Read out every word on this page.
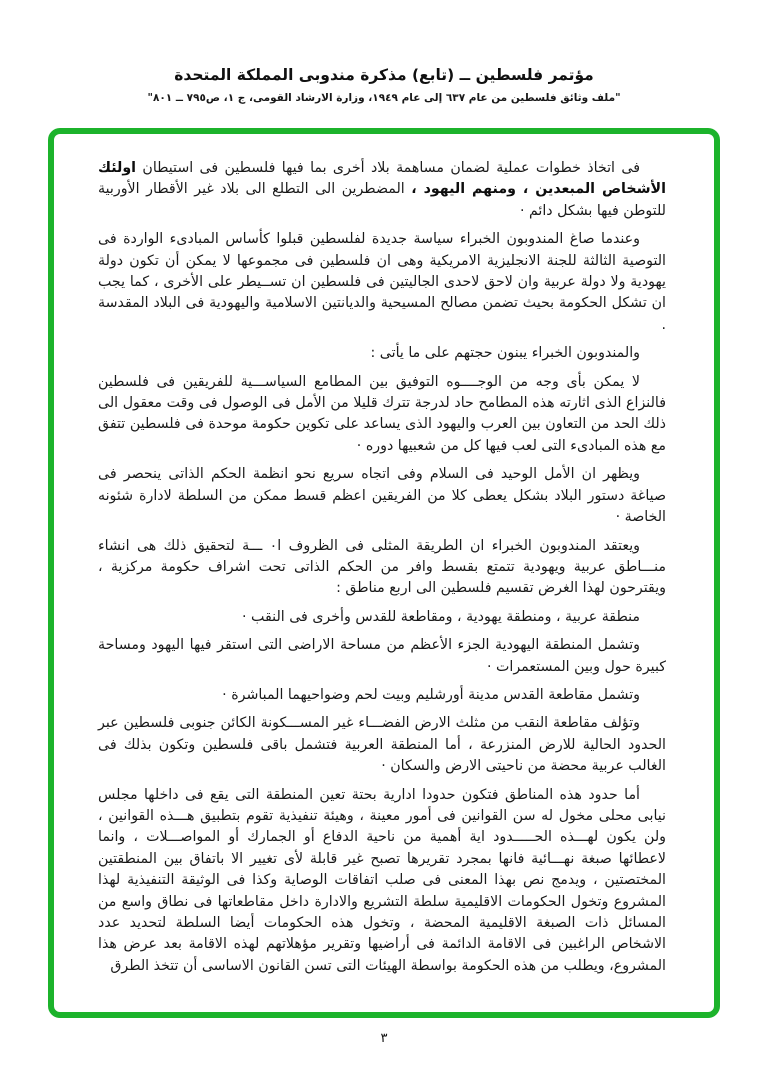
مؤتمر فلسطين ــ (تابع) مذكرة مندوبى المملكة المتحدة
"ملف وثائق فلسطين من عام ٦٣٧ إلى عام ١٩٤٩، وزارة الارشاد القومى، ج ١، ص٧٩٥ ــ ٨٠١"

فى اتخاذ خطوات عملية لضمان مساهمة بلاد أخرى بما فيها فلسطين فى استيطان اولئك الأشخاص المبعدين ، ومنهم اليهود ، المضطرين الى التطلع الى بلاد غير الأقطار الأوربية للتوطن فيها بشكل دائم ·

وعندما صاغ المندوبون الخبراء سياسة جديدة لفلسطين قبلوا كأساس المبادىء الواردة فى التوصية الثالثة للجنة الانجليزية الامريكية وهى ان فلسطين فى مجموعها لا يمكن أن تكون دولة يهودية ولا دولة عربية وان لاحق لاحدى الجاليتين فى فلسطين ان تســيطر على الأخرى ، كما يجب ان تشكل الحكومة بحيث تضمن مصالح المسيحية والديانتين الاسلامية واليهودية فى البلاد المقدسة .

والمندوبون الخبراء يبنون حجتهم على ما يأتى :

لا يمكن بأى وجه من الوجــــوه التوفيق بين المطامع السياســـية للفريقين فى فلسطين فالنزاع الذى اثارته هذه المطامح حاد لدرجة تترك قليلا من الأمل فى الوصول فى وقت معقول الى ذلك الحد من التعاون بين العرب واليهود الذى يساعد على تكوين حكومة موحدة فى فلسطين تتفق مع هذه المبادىء التى لعب فيها كل من شعبيها دوره ·

ويظهر ان الأمل الوحيد فى السلام وفى اتجاه سريع نحو انظمة الحكم الذاتى ينحصر فى صياغة دستور البلاد بشكل يعطى كلا من الفريقين اعظم قسط ممكن من السلطة لادارة شئونه الخاصة ·

ويعتقد المندوبون الخبراء ان الطريقة المثلى فى الظروف ا٠ ـــة لتحقيق ذلك هى انشاء منـــاطق عربية ويهودية تتمتع بقسط وافر من الحكم الذاتى تحت اشراف حكومة مركزية ، ويقترحون لهذا الغرض تقسيم فلسطين الى اربع مناطق :

منطقة عربية ، ومنطقة يهودية ، ومقاطعة للقدس وأخرى فى النقب ·

وتشمل المنطقة اليهودية الجزء الأعظم من مساحة الاراضى التى استقر فيها اليهود ومساحة كبيرة حول وبين المستعمرات ·

وتشمل مقاطعة القدس مدينة أورشليم وبيت لحم وضواحيهما المباشرة ·

وتؤلف مقاطعة النقب من مثلث الارض الفضـــاء غير المســـكونة الكائن جنوبى فلسطين عبر الحدود الحالية للارض المنزرعة ، أما المنطقة العربية فتشمل باقى فلسطين وتكون بذلك فى الغالب عربية محضة من ناحيتى الارض والسكان ·

أما حدود هذه المناطق فتكون حدودا ادارية بحتة تعين المنطقة التى يقع فى داخلها مجلس نيابى محلى مخول له سن القوانين فى أمور معينة ، وهيئة تنفيذية تقوم بتطبيق هـــذه القوانين ، ولن يكون لهـــذه الحـــــدود اية أهمية من ناحية الدفاع أو الجمارك أو المواصـــلات ، وانما لاعطائها صبغة نهـــائية فانها بمجرد تقريرها تصبح غير قابلة لأى تغيير الا باتفاق بين المنطقتين المختصتين ، ويدمج نص بهذا المعنى فى صلب اتفاقات الوصاية وكذا فى الوثيقة التنفيذية لهذا المشروع وتخول الحكومات الاقليمية سلطة التشريع والادارة داخل مقاطعاتها فى نطاق واسع من المسائل ذات الصبغة الاقليمية المحضة ، وتخول هذه الحكومات أيضا السلطة لتحديد عدد الاشخاص الراغبين فى الاقامة الدائمة فى أراضيها وتقرير مؤهلاتهم لهذه الاقامة بعد عرض هذا المشروع، ويطلب من هذه الحكومة بواسطة الهيئات التى تسن القانون الاساسى أن تتخذ الطرق

٣
